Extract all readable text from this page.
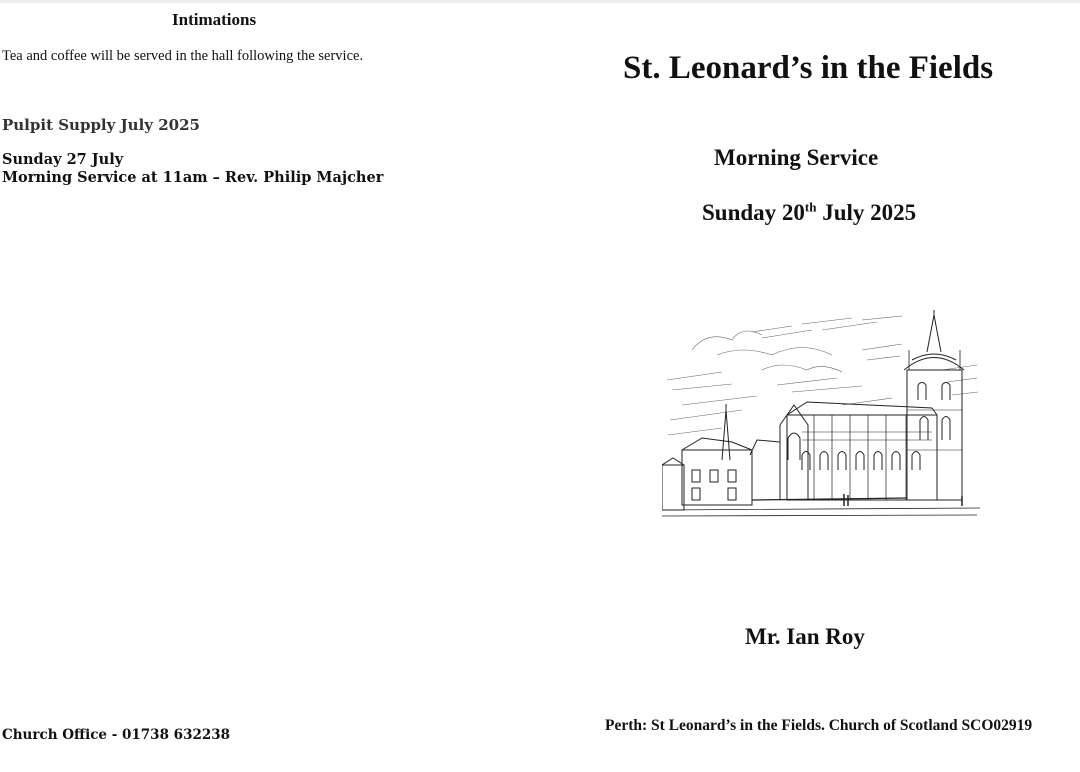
Intimations
Tea and coffee will be served in the hall following the service.
Pulpit Supply July 2025
Sunday 27 July
Morning Service at 11am – Rev. Philip Majcher
Church Office - 01738 632238
St. Leonard’s in the Fields
Morning Service
Sunday 20th July 2025
Mr. Ian Roy
Perth: St Leonard’s in the Fields. Church of Scotland SCO02919
